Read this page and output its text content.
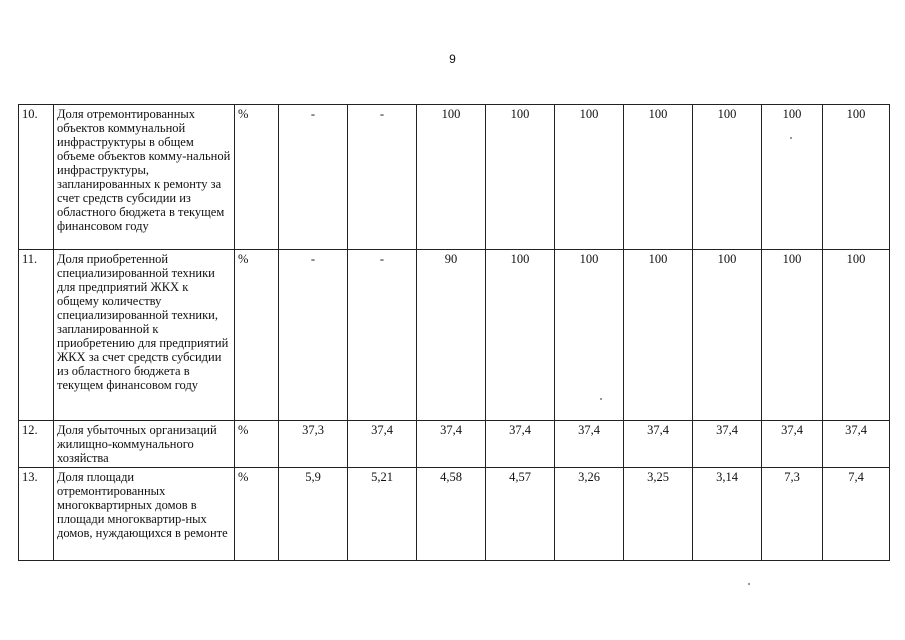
9
10.	Доля отремонтированных объектов коммунальной инфраструктуры в общем объеме объектов комму-нальной инфраструктуры, запланированных к ремонту за счет средств субсидии из областного бюджета в текущем финансовом году	%	-	-	100	100	100	100	100	100	100
11.	Доля приобретенной специализированной техники для предприятий ЖКХ к общему количеству специализированной техники, запланированной к приобретению для предприятий ЖКХ за счет средств субсидии из областного бюджета в текущем финансовом году	%	-	-	90	100	100	100	100	100	100
12.	Доля убыточных организаций жилищно-коммунального хозяйства	%	37,3	37,4	37,4	37,4	37,4	37,4	37,4	37,4	37,4
13.	Доля площади отремонтированных многоквартирных домов в площади многоквартир-ных домов, нуждающихся в ремонте	%	5,9	5,21	4,58	4,57	3,26	3,25	3,14	7,3	7,4
